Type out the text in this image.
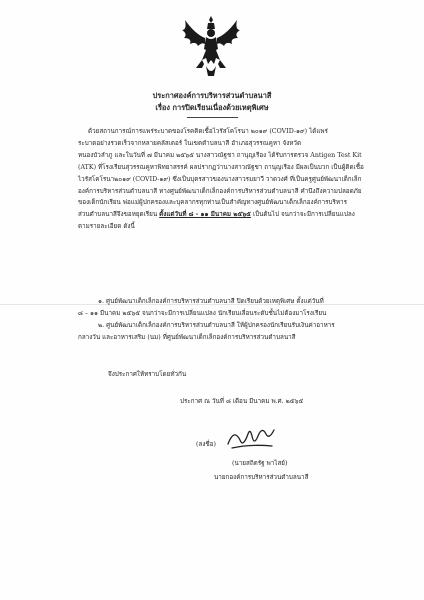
ประกาศองค์การบริหารส่วนตำบลนาสี
เรื่อง การปิดเรียนเนื่องด้วยเหตุพิเศษ
ด้วยสถานการณ์การแพร่ระบาดของโรคติดเชื้อไวรัสโคโรนา ๒๐๑๙ (COVID-๑๙) ได้แพร่
ระบาดอย่างรวดเร็วจากหลายคลัสเตอร์ ในเขตตำบลนาสี อำเภอสุวรรณคูหา จังหวัด
หนองบัวลำภู และในวันที่ ๗ มีนาคม ๒๕๖๕ นางสาวณัฐชา ถานุญเรือง ได้รับการตรวจ Antigen Test Kit
(ATK) ที่โรงเรียนสุวรรณคูหาพิทยาสรรค์ ผลปรากฏว่านางสาวณัฐชา ถานุญเรือง มีผลเป็นบวก เป็นผู้ติดเชื้อ
ไวรัสโคโรนา๒๐๑๙ (COVID-๑๙) ซึ่งเป็นบุตรสาวของนางสาวรมยาวี วาดวงศ์ ที่เป็นครูศูนย์พัฒนาเด็กเล็ก
องค์การบริหารส่วนตำบลนาสี ทางศูนย์พัฒนาเด็กเล็กองค์การบริหารส่วนตำบลนาสี คำนึงถึงความปลอดภัย
ของเด็กนักเรียน พ่อแม่ผู้ปกครองและบุคลากรทุกท่านเป็นสำคัญทางศูนย์พัฒนาเด็กเล็กองค์การบริหาร
ส่วนตำบลนาสีจึงขอหยุดเรียน ตั้งแต่วันที่ ๘ - ๑๑ มีนาคม ๒๕๖๕ เป็นต้นไป จนกว่าจะมีการเปลี่ยนแปลง
ตามรายละเอียด ดังนี้
๑. ศูนย์พัฒนาเด็กเล็กองค์การบริหารส่วนตำบลนาสี ปิดเรียนด้วยเหตุพิเศษ ตั้งแต่วันที่
๘ – ๑๑ มีนาคม ๒๕๖๕ จนกว่าจะมีการเปลี่ยนแปลง นักเรียนเลื่อนระดับชั้นไม่ต้องมาโรงเรียน
๒. ศูนย์พัฒนาเด็กเล็กองค์การบริหารส่วนตำบลนาสี ให้ผู้ปกครองนักเรียนรับเงินค่าอาหาร
กลางวัน และอาหารเสริม (นม) ที่ศูนย์พัฒนาเด็กเล็กองค์การบริหารส่วนตำบลนาสี
จึงประกาศให้ทราบโดยทั่วกัน
ประกาศ ณ วันที่ ๘ เดือน มีนาคม พ.ศ. ๒๕๖๕
(ลงชื่อ)
(นายสถิตรัฐ พาไสย์)
นายกองค์การบริหารส่วนตำบลนาสี
